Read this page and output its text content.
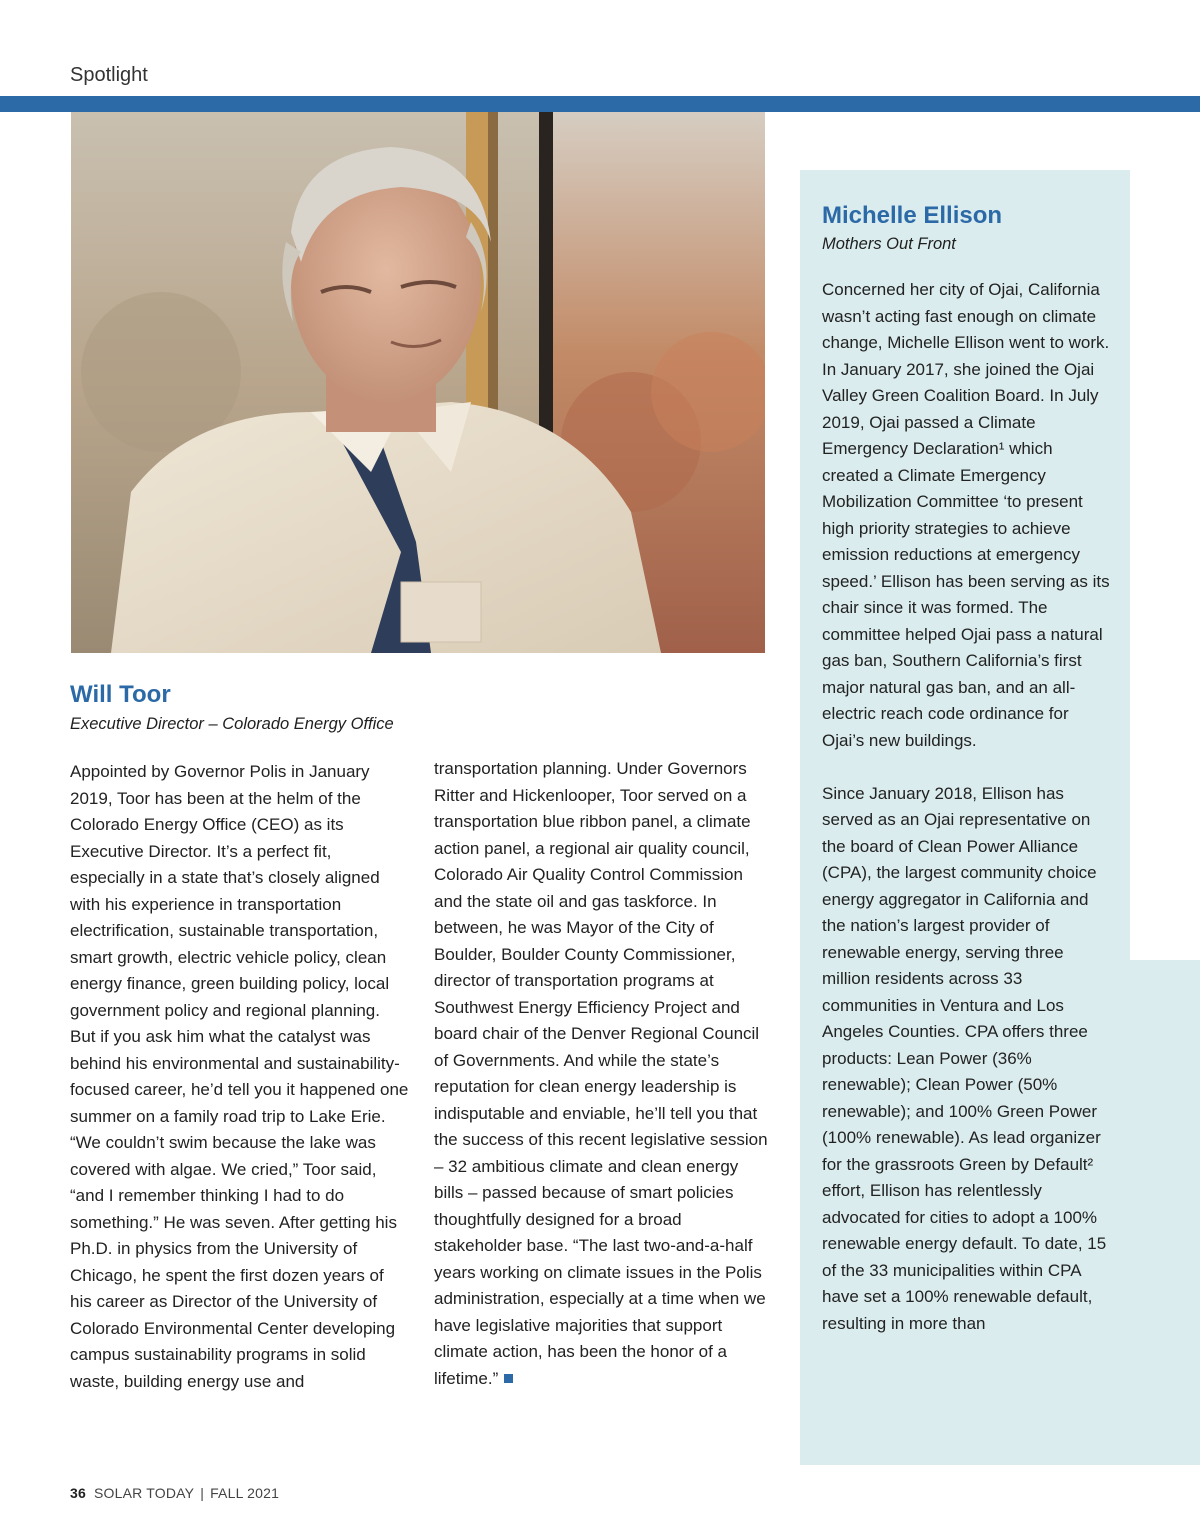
Spotlight
Will Toor
Executive Director – Colorado Energy Office

Appointed by Governor Polis in January 2019, Toor has been at the helm of the Colorado Energy Office (CEO) as its Executive Director. It’s a perfect fit, especially in a state that’s closely aligned with his experience in transportation electrification, sustainable transportation, smart growth, electric vehicle policy, clean energy finance, green building policy, local government policy and regional planning. But if you ask him what the catalyst was behind his environmental and sustainability-focused career, he’d tell you it happened one summer on a family road trip to Lake Erie. “We couldn’t swim because the lake was covered with algae. We cried,” Toor said, “and I remember thinking I had to do something.” He was seven. After getting his Ph.D. in physics from the University of Chicago, he spent the first dozen years of his career as Director of the University of Colorado Environmental Center developing campus sustainability programs in solid waste, building energy use and

transportation planning. Under Governors Ritter and Hickenlooper, Toor served on a transportation blue ribbon panel, a climate action panel, a regional air quality council, Colorado Air Quality Control Commission and the state oil and gas taskforce. In between, he was Mayor of the City of Boulder, Boulder County Commissioner, director of transportation programs at Southwest Energy Efficiency Project and board chair of the Denver Regional Council of Governments. And while the state’s reputation for clean energy leadership is indisputable and enviable, he’ll tell you that the success of this recent legislative session – 32 ambitious climate and clean energy bills – passed because of smart policies thoughtfully designed for a broad stakeholder base. “The last two-and-a-half years working on climate issues in the Polis administration, especially at a time when we have legislative majorities that support climate action, has been the honor of a lifetime.”

Michelle Ellison
Mothers Out Front

Concerned her city of Ojai, California wasn’t acting fast enough on climate change, Michelle Ellison went to work. In January 2017, she joined the Ojai Valley Green Coalition Board. In July 2019, Ojai passed a Climate Emergency Declaration¹ which created a Climate Emergency Mobilization Committee ‘to present high priority strategies to achieve emission reductions at emergency speed.’ Ellison has been serving as its chair since it was formed. The committee helped Ojai pass a natural gas ban, Southern California’s first major natural gas ban, and an all-electric reach code ordinance for Ojai’s new buildings.

Since January 2018, Ellison has served as an Ojai representative on the board of Clean Power Alliance (CPA), the largest community choice energy aggregator in California and the nation’s largest provider of renewable energy, serving three million residents across 33 communities in Ventura and Los Angeles Counties. CPA offers three products: Lean Power (36% renewable); Clean Power (50% renewable); and 100% Green Power (100% renewable). As lead organizer for the grassroots Green by Default² effort, Ellison has relentlessly advocated for cities to adopt a 100% renewable energy default. To date, 15 of the 33 municipalities within CPA have set a 100% renewable default, resulting in more than

36 SOLAR TODAY | FALL 2021
